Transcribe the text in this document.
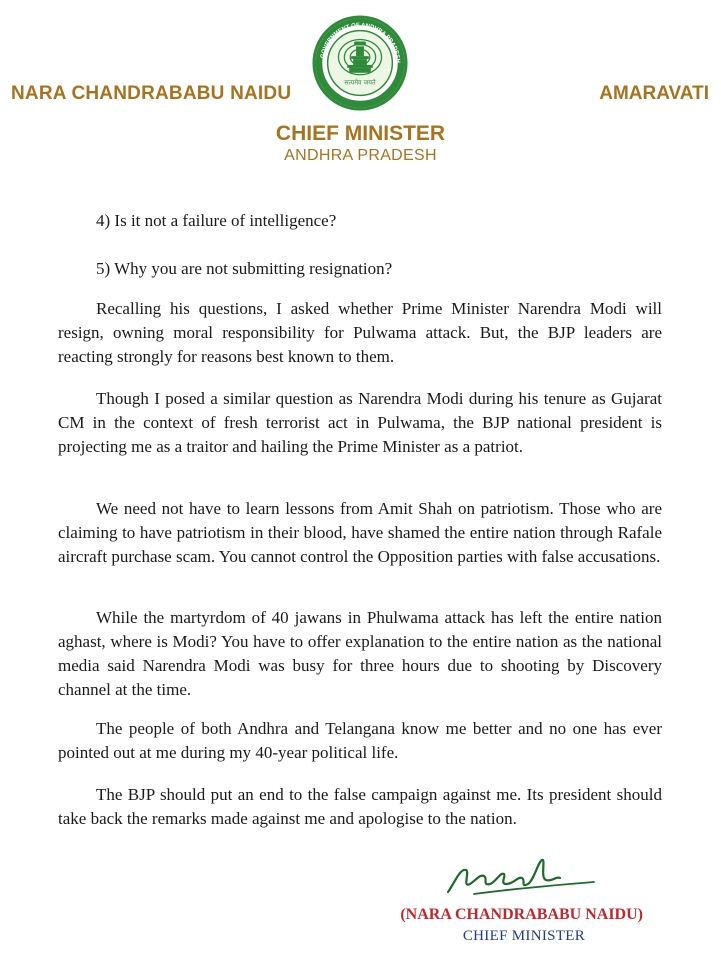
NARA CHANDRABABU NAIDU	AMARAVATI
GOVERNMENT OF ANDHRA PRADESH
सत्यमेव जयते
CHIEF MINISTER
ANDHRA PRADESH

4) Is it not a failure of intelligence?

5) Why you are not submitting resignation?

Recalling his questions, I asked whether Prime Minister Narendra Modi will resign, owning moral responsibility for Pulwama attack. But, the BJP leaders are reacting strongly for reasons best known to them.

Though I posed a similar question as Narendra Modi during his tenure as Gujarat CM in the context of fresh terrorist act in Pulwama, the BJP national president is projecting me as a traitor and hailing the Prime Minister as a patriot.

We need not have to learn lessons from Amit Shah on patriotism. Those who are claiming to have patriotism in their blood, have shamed the entire nation through Rafale aircraft purchase scam. You cannot control the Opposition parties with false accusations.

While the martyrdom of 40 jawans in Phulwama attack has left the entire nation aghast, where is Modi? You have to offer explanation to the entire nation as the national media said Narendra Modi was busy for three hours due to shooting by Discovery channel at the time.

The people of both Andhra and Telangana know me better and no one has ever pointed out at me during my 40-year political life.

The BJP should put an end to the false campaign against me. Its president should take back the remarks made against me and apologise to the nation.

(NARA CHANDRABABU NAIDU)
CHIEF MINISTER
